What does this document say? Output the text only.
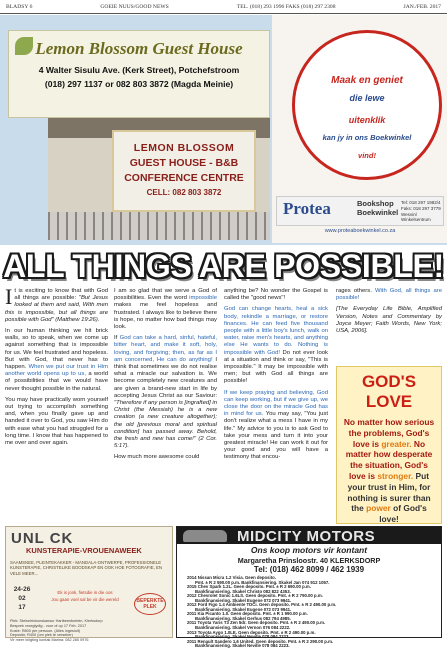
BLADSY 6	GOEIE NUUS/GOOD NEWS	TEL. (018) 293 1996 FAKS (018) 297 2308	JAN./FEB. 2017
Lemon Blossom Guest House
4 Walter Sisulu Ave. (Kerk Street), Potchefstroom
(018) 297 1137 or 082 803 3872 (Magda Meinie)
LEMON BLOSSOM
GUEST HOUSE - B&B
CONFERENCE CENTRE
CELL: 082 803 3872
Maak en geniet
die lewe
uitenklik
kan jy in ons Boekwinkel
vind!
Protea	Bookshop
Boekwinkel
Tel: 018 297 1982/4
Faks: 018 297 3779
Wesvinl Winkelsentrum
www.proteaboekwinkel.co.za
ALL THINGS ARE POSSIBLE!

I t is exciting to know that with God all things are possible: "But Jesus looked at them and said, With men this is impossible, but all things are possible with God" (Matthew 19:26).

In our human thinking we hit brick walls, so to speak, when we come up against something that is impossible for us. We feel frustrated and hopeless. But with God, that never has to happen. When we put our trust in Him another world opens up to us, a world of possibilities that we would have never thought possible in the natural.

You may have practically worn yourself out trying to accomplish something and, when you finally gave up and handed it over to God, you saw Him do with ease what you had struggled for a long time. I know that has happened to me over and over again.

I am so glad that we serve a God of possibilities. Even the word impossible makes me feel hopeless and frustrated. I always like to believe there is hope, no matter how bad things may look.

If God can take a hard, sinful, hateful, bitter heart, and make it soft, holy, loving, and forgiving; then, as far as I am concerned, He can do anything! I think that sometimes we do not realise what a miracle our salvation is. We become completely new creatures and are given a brand-new start in life by accepting Jesus Christ as our Saviour: "Therefore if any person is [ingrafted] in Christ (the Messiah) he is a new creation (a new creature altogether); the old [previous moral and spiritual condition] has passed away. Behold, the fresh and new has come!" (2 Cor. 5:17).

How much more awesome could

anything be? No wonder the Gospel is called the "good news"!

God can change hearts, heal a sick body, rekindle a marriage, or restore finances. He can feed five thousand people with a little boy's lunch, walk on water, raise men's hearts, and anything else He wants to do. Nothing is impossible with God! Do not ever look at a situation and think or say, "This is impossible." It may be impossible with men; but with God all things are possible!

If we keep praying and believing, God can keep working, but if we give up, we close the door on the miracle God has in mind for us. You may say, "You just don't realize what a mess I have in my life." My advice to you is to ask God to take your mess and turn it into your greatest miracle! He can work it out for your good and you will have a testimony that encou-

rages others. With God, all things are possible!

[The Everyday Life Bible, Amplified Version, Notes and Commentary by Joyce Meyer; Faith Words, New York; USA, 2006].

GOD'S LOVE
No matter how serious the problems, God's love is greater. No matter how desperate the situation, God's love is stronger. Put your trust in Him, for nothing is surer than the power of God's love!
UNL CK
KUNSTERAPIE-VROUENAWEEK
SAAMSNEE, PLEINTEKAKKER - MANDALA-ONTWERPE, PROFESSIONELE KUNSTERAPIE, CHRISTELIKE BOODSKAP EN OOK HOE FOTOGRAFIE, EN VELE MEER...
24-26
02
17
Ek is jonk, fietsdie in die oos
Jou gaan voel sal be vir die wereld	BEPERKTE
PLEK
Plek: Stelselrinkunskansur Hartbeesfontein, Klerksdorp
Besprek vroegtydig - voor of op 17 Feb. 2017
Koste: R800 per persoon. (Alles ingesluit)
Deposito: R400 (om plek te verseker)
Vir meer inligting kontak Marina: 082 285 0976
MIDCITY MOTORS
Ons koop motors vir kontant
Margaretha Prinsloostr. 40 KLERKSDORP
Tel: (018) 462 8099 / 462 1939
2014 Nissan Micra 1.2 Visia. Geen deposito.
Pmt. ± R 2 590.00 p.m. Bankfinansiering. Skakel Jan 074 912 1057.
2015 Chev Spark 1.2L. Geen deposito. Pmt. ± R 2 690.00 p.m.
Bankfinansiering. Skakel Christo 082 822 4353.
2012 Chevrolet Sonic 1.6LS. Geen deposito. Pmt. ± R 2 790.00 p.m.
Bankfinansiering. Skakel Eugene 072 073 9941.
2012 Ford Figo 1.4 Ambiente TDCi. Geen deposito. Pmt. ± R 2 490.00 p.m.
Bankfinansiering. Skakel Eugene 072 073 9941.
2011 Kia Picanto 1.0. Geen deposito. Pmt. ± R 1 990.00 p.m.
Bankfinansiering. Skakel Gerhus 082 794 4985.
2011 Toyota Yaris T3 Zen 5dr. Geen deposito. Pmt. ± R 2 490.00 p.m.
Bankfinansiering. Skakel Vernon 076 084 2222.
2013 Toyota Aygo 1.0LE. Geen deposito. Pmt. ± R 2 490.00 p.m.
Bankfinansiering. Skakel Neville 078 084 2223.
2011 Renault Sandero 1.6 United. Geen deposito. Pmt. ± R 2 290.00 p.m.
Bankfinansiering. Skakel Neville 078 084 2223.
